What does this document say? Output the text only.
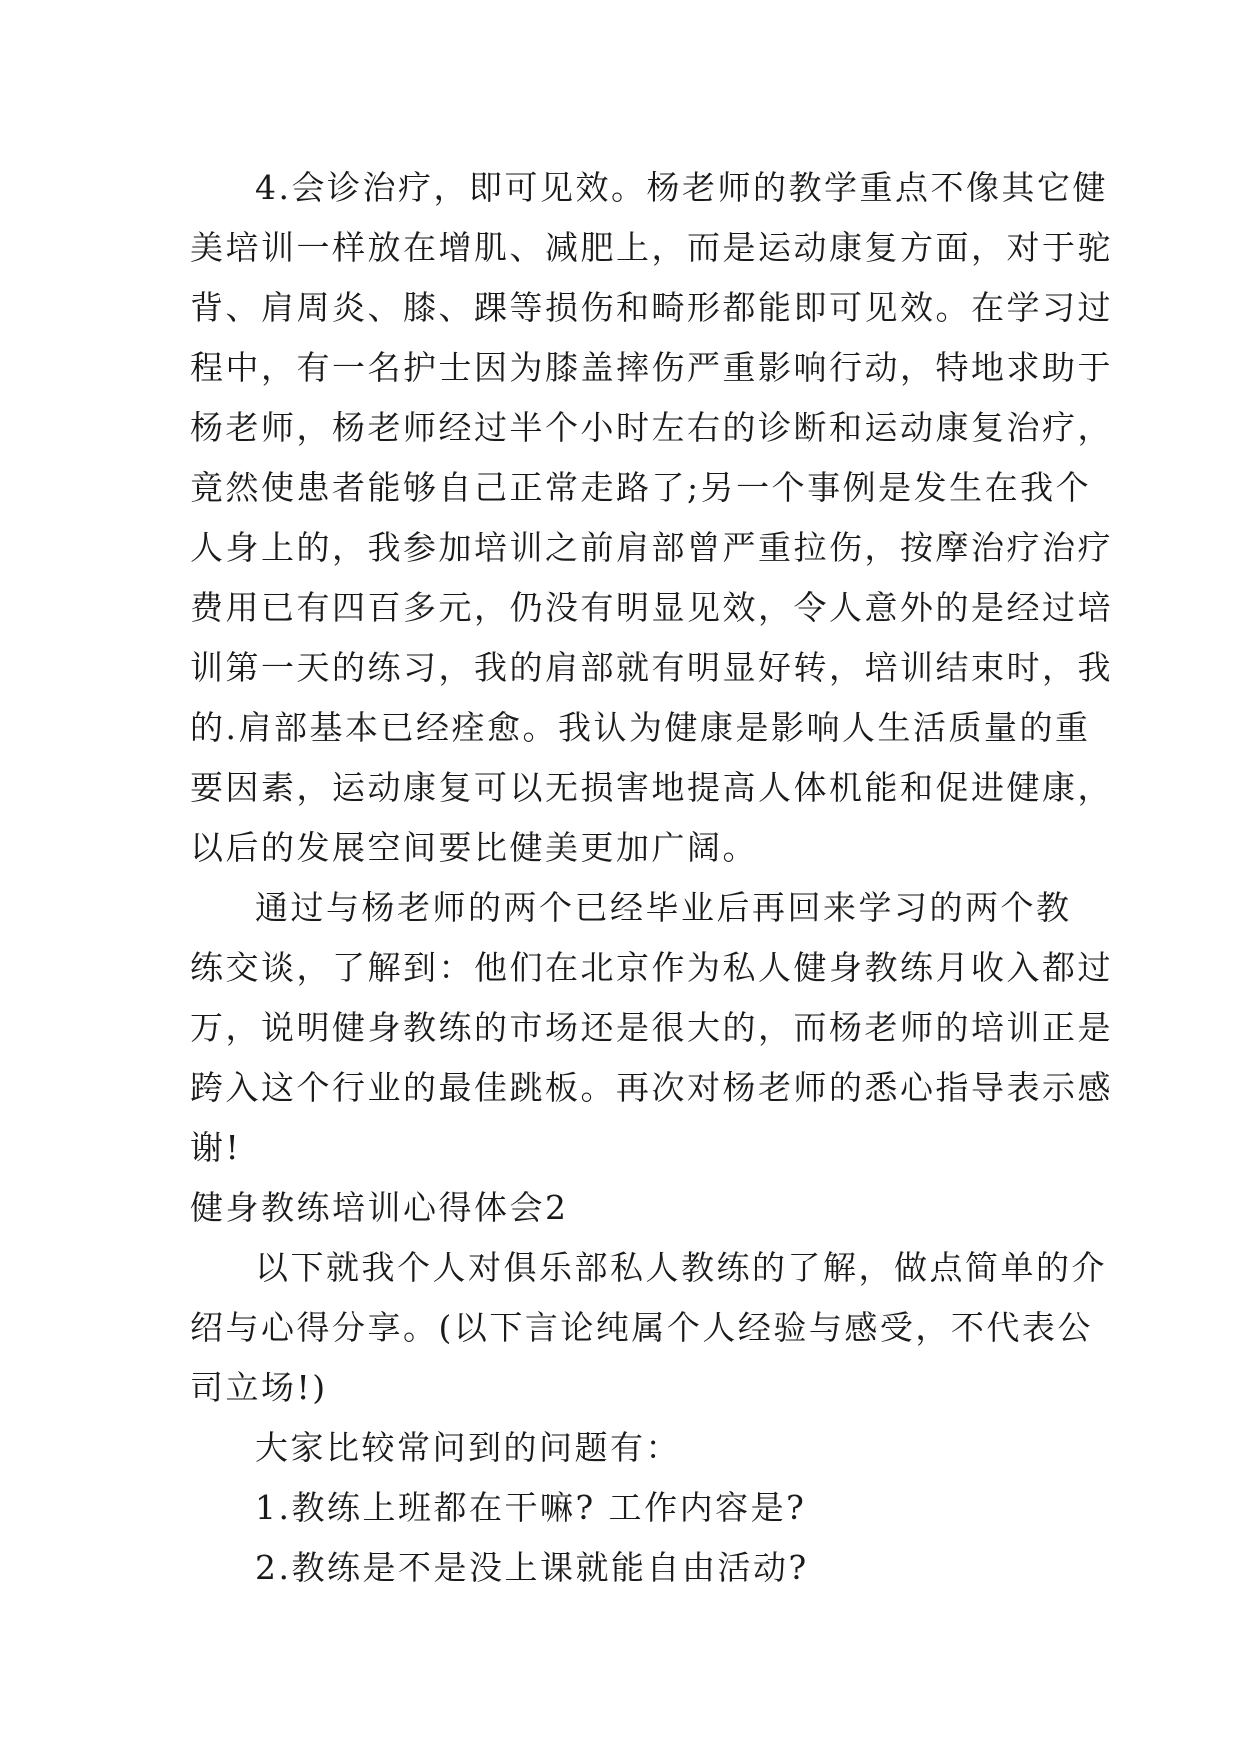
4.会诊治疗，即可见效。杨老师的教学重点不像其它健
美培训一样放在增肌、减肥上，而是运动康复方面，对于驼
背、肩周炎、膝、踝等损伤和畸形都能即可见效。在学习过
程中，有一名护士因为膝盖摔伤严重影响行动，特地求助于
杨老师，杨老师经过半个小时左右的诊断和运动康复治疗，
竟然使患者能够自己正常走路了;另一个事例是发生在我个
人身上的，我参加培训之前肩部曾严重拉伤，按摩治疗治疗
费用已有四百多元，仍没有明显见效，令人意外的是经过培
训第一天的练习，我的肩部就有明显好转，培训结束时，我
的.肩部基本已经痊愈。我认为健康是影响人生活质量的重
要因素，运动康复可以无损害地提高人体机能和促进健康，
以后的发展空间要比健美更加广阔。
通过与杨老师的两个已经毕业后再回来学习的两个教
练交谈，了解到：他们在北京作为私人健身教练月收入都过
万，说明健身教练的市场还是很大的，而杨老师的培训正是
跨入这个行业的最佳跳板。再次对杨老师的悉心指导表示感
谢!
健身教练培训心得体会2
以下就我个人对俱乐部私人教练的了解，做点简单的介
绍与心得分享。(以下言论纯属个人经验与感受，不代表公
司立场!)
大家比较常问到的问题有：
1.教练上班都在干嘛? 工作内容是?
2.教练是不是没上课就能自由活动?
